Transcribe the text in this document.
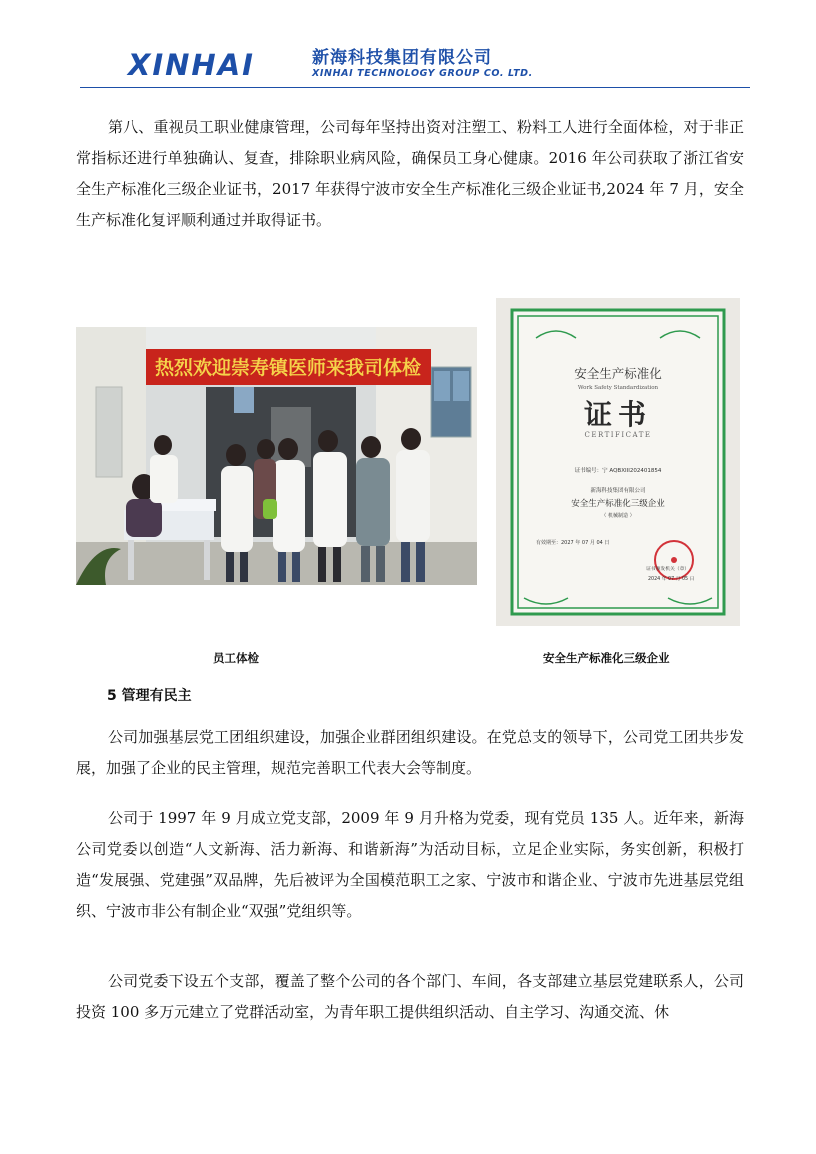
XINHAI	新海科技集团有限公司
XINHAI TECHNOLOGY GROUP CO. LTD.

第八、重视员工职业健康管理，公司每年坚持出资对注塑工、粉料工人进行全面体检，对于非正常指标还进行单独确认、复查，排除职业病风险，确保员工身心健康。2016 年公司获取了浙江省安全生产标准化三级企业证书，2017 年获得宁波市安全生产标准化三级企业证书,2024 年 7 月，安全生产标准化复评顺利通过并取得证书。

热烈欢迎崇寿镇医师来我司体检	安全生产标准化
Work Safety Standardization
证书
CERTIFICATE
证书编号：宁 AQBXIII202401854
新海科技集团有限公司
安全生产标准化三级企业
（ 机械制造 ）
有效期至：2027 年 07 月 04 日
证书颁发机关（章）
2024 年 07 月 05 日
员工体检	安全生产标准化三级企业
5 管理有民主

公司加强基层党工团组织建设，加强企业群团组织建设。在党总支的领导下，公司党工团共步发展，加强了企业的民主管理，规范完善职工代表大会等制度。

公司于 1997 年 9 月成立党支部，2009 年 9 月升格为党委，现有党员 135 人。近年来，新海公司党委以创造“人文新海、活力新海、和谐新海”为活动目标，立足企业实际，务实创新，积极打造“发展强、党建强”双品牌，先后被评为全国模范职工之家、宁波市和谐企业、宁波市先进基层党组织、宁波市非公有制企业“双强”党组织等。

公司党委下设五个支部，覆盖了整个公司的各个部门、车间，各支部建立基层党建联系人，公司投资 100 多万元建立了党群活动室，为青年职工提供组织活动、自主学习、沟通交流、休
